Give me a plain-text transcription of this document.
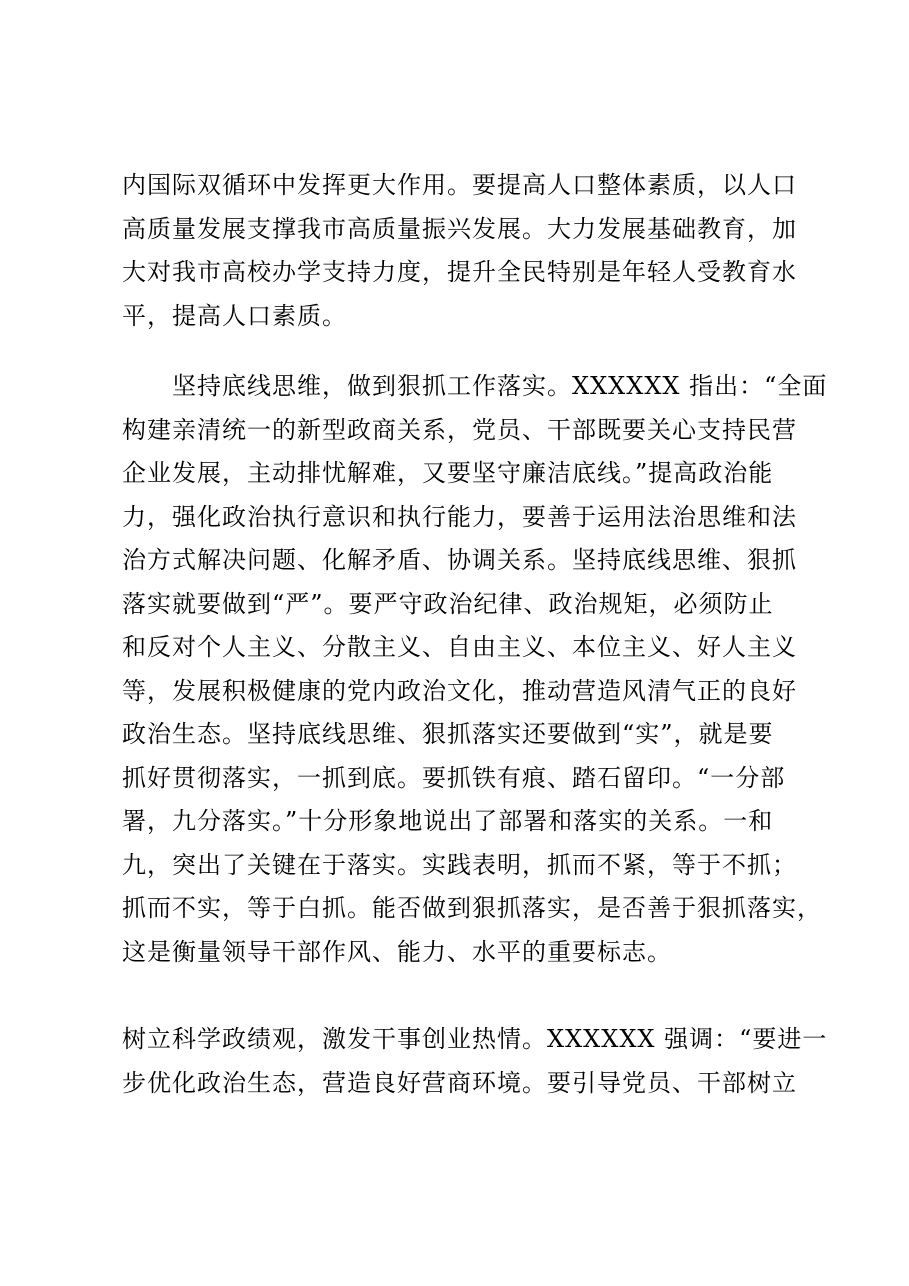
内国际双循环中发挥更大作用。要提高人口整体素质，以人口
高质量发展支撑我市高质量振兴发展。大力发展基础教育，加
大对我市高校办学支持力度，提升全民特别是年轻人受教育水
平，提高人口素质。
　　坚持底线思维，做到狠抓工作落实。XXXXXX 指出：“全面
构建亲清统一的新型政商关系，党员、干部既要关心支持民营
企业发展，主动排忧解难，又要坚守廉洁底线。”提高政治能
力，强化政治执行意识和执行能力，要善于运用法治思维和法
治方式解决问题、化解矛盾、协调关系。坚持底线思维、狠抓
落实就要做到“严”。要严守政治纪律、政治规矩，必须防止
和反对个人主义、分散主义、自由主义、本位主义、好人主义
等，发展积极健康的党内政治文化，推动营造风清气正的良好
政治生态。坚持底线思维、狠抓落实还要做到“实”，就是要
抓好贯彻落实，一抓到底。要抓铁有痕、踏石留印。“一分部
署，九分落实。”十分形象地说出了部署和落实的关系。一和
九，突出了关键在于落实。实践表明，抓而不紧，等于不抓；
抓而不实，等于白抓。能否做到狠抓落实，是否善于狠抓落实，
这是衡量领导干部作风、能力、水平的重要标志。
树立科学政绩观，激发干事创业热情。XXXXXX 强调：“要进一
步优化政治生态，营造良好营商环境。要引导党员、干部树立
